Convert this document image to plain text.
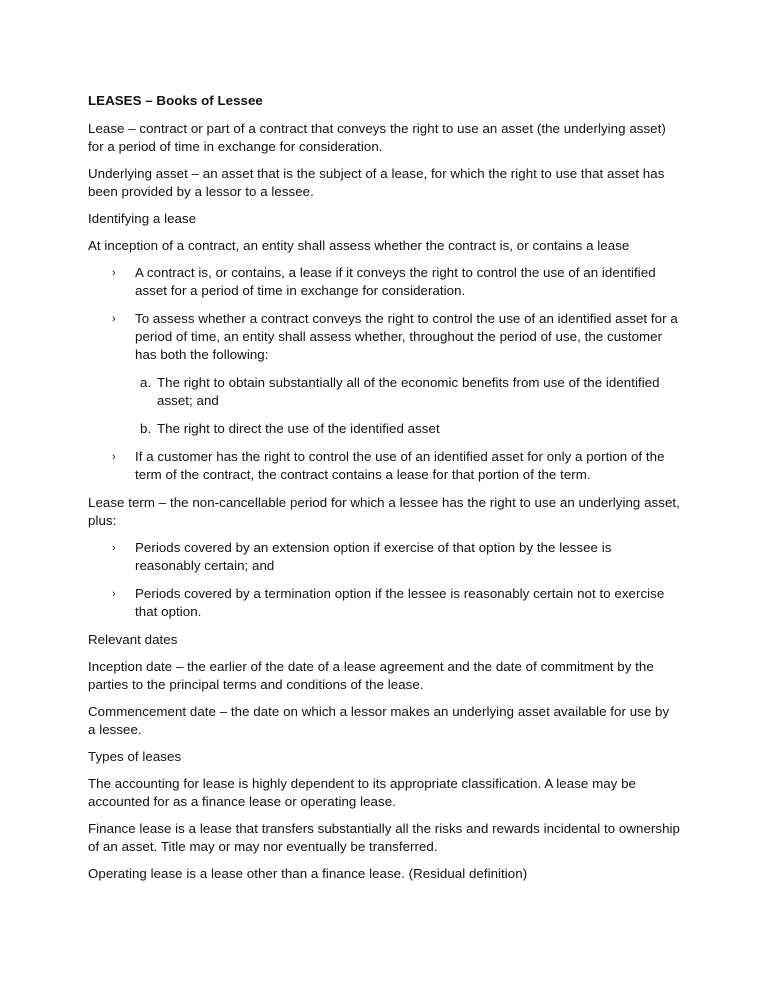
LEASES – Books of Lessee

Lease – contract or part of a contract that conveys the right to use an asset (the underlying asset) for a period of time in exchange for consideration.

Underlying asset – an asset that is the subject of a lease, for which the right to use that asset has been provided by a lessor to a lessee.

Identifying a lease

At inception of a contract, an entity shall assess whether the contract is, or contains a lease

› A contract is, or contains, a lease if it conveys the right to control the use of an identified asset for a period of time in exchange for consideration.
› To assess whether a contract conveys the right to control the use of an identified asset for a period of time, an entity shall assess whether, throughout the period of use, the customer has both the following:
a. The right to obtain substantially all of the economic benefits from use of the identified asset; and
b. The right to direct the use of the identified asset
› If a customer has the right to control the use of an identified asset for only a portion of the term of the contract, the contract contains a lease for that portion of the term.

Lease term – the non-cancellable period for which a lessee has the right to use an underlying asset, plus:

› Periods covered by an extension option if exercise of that option by the lessee is reasonably certain; and
› Periods covered by a termination option if the lessee is reasonably certain not to exercise that option.

Relevant dates

Inception date – the earlier of the date of a lease agreement and the date of commitment by the parties to the principal terms and conditions of the lease.

Commencement date – the date on which a lessor makes an underlying asset available for use by a lessee.

Types of leases

The accounting for lease is highly dependent to its appropriate classification. A lease may be accounted for as a finance lease or operating lease.

Finance lease is a lease that transfers substantially all the risks and rewards incidental to ownership of an asset. Title may or may nor eventually be transferred.

Operating lease is a lease other than a finance lease. (Residual definition)
